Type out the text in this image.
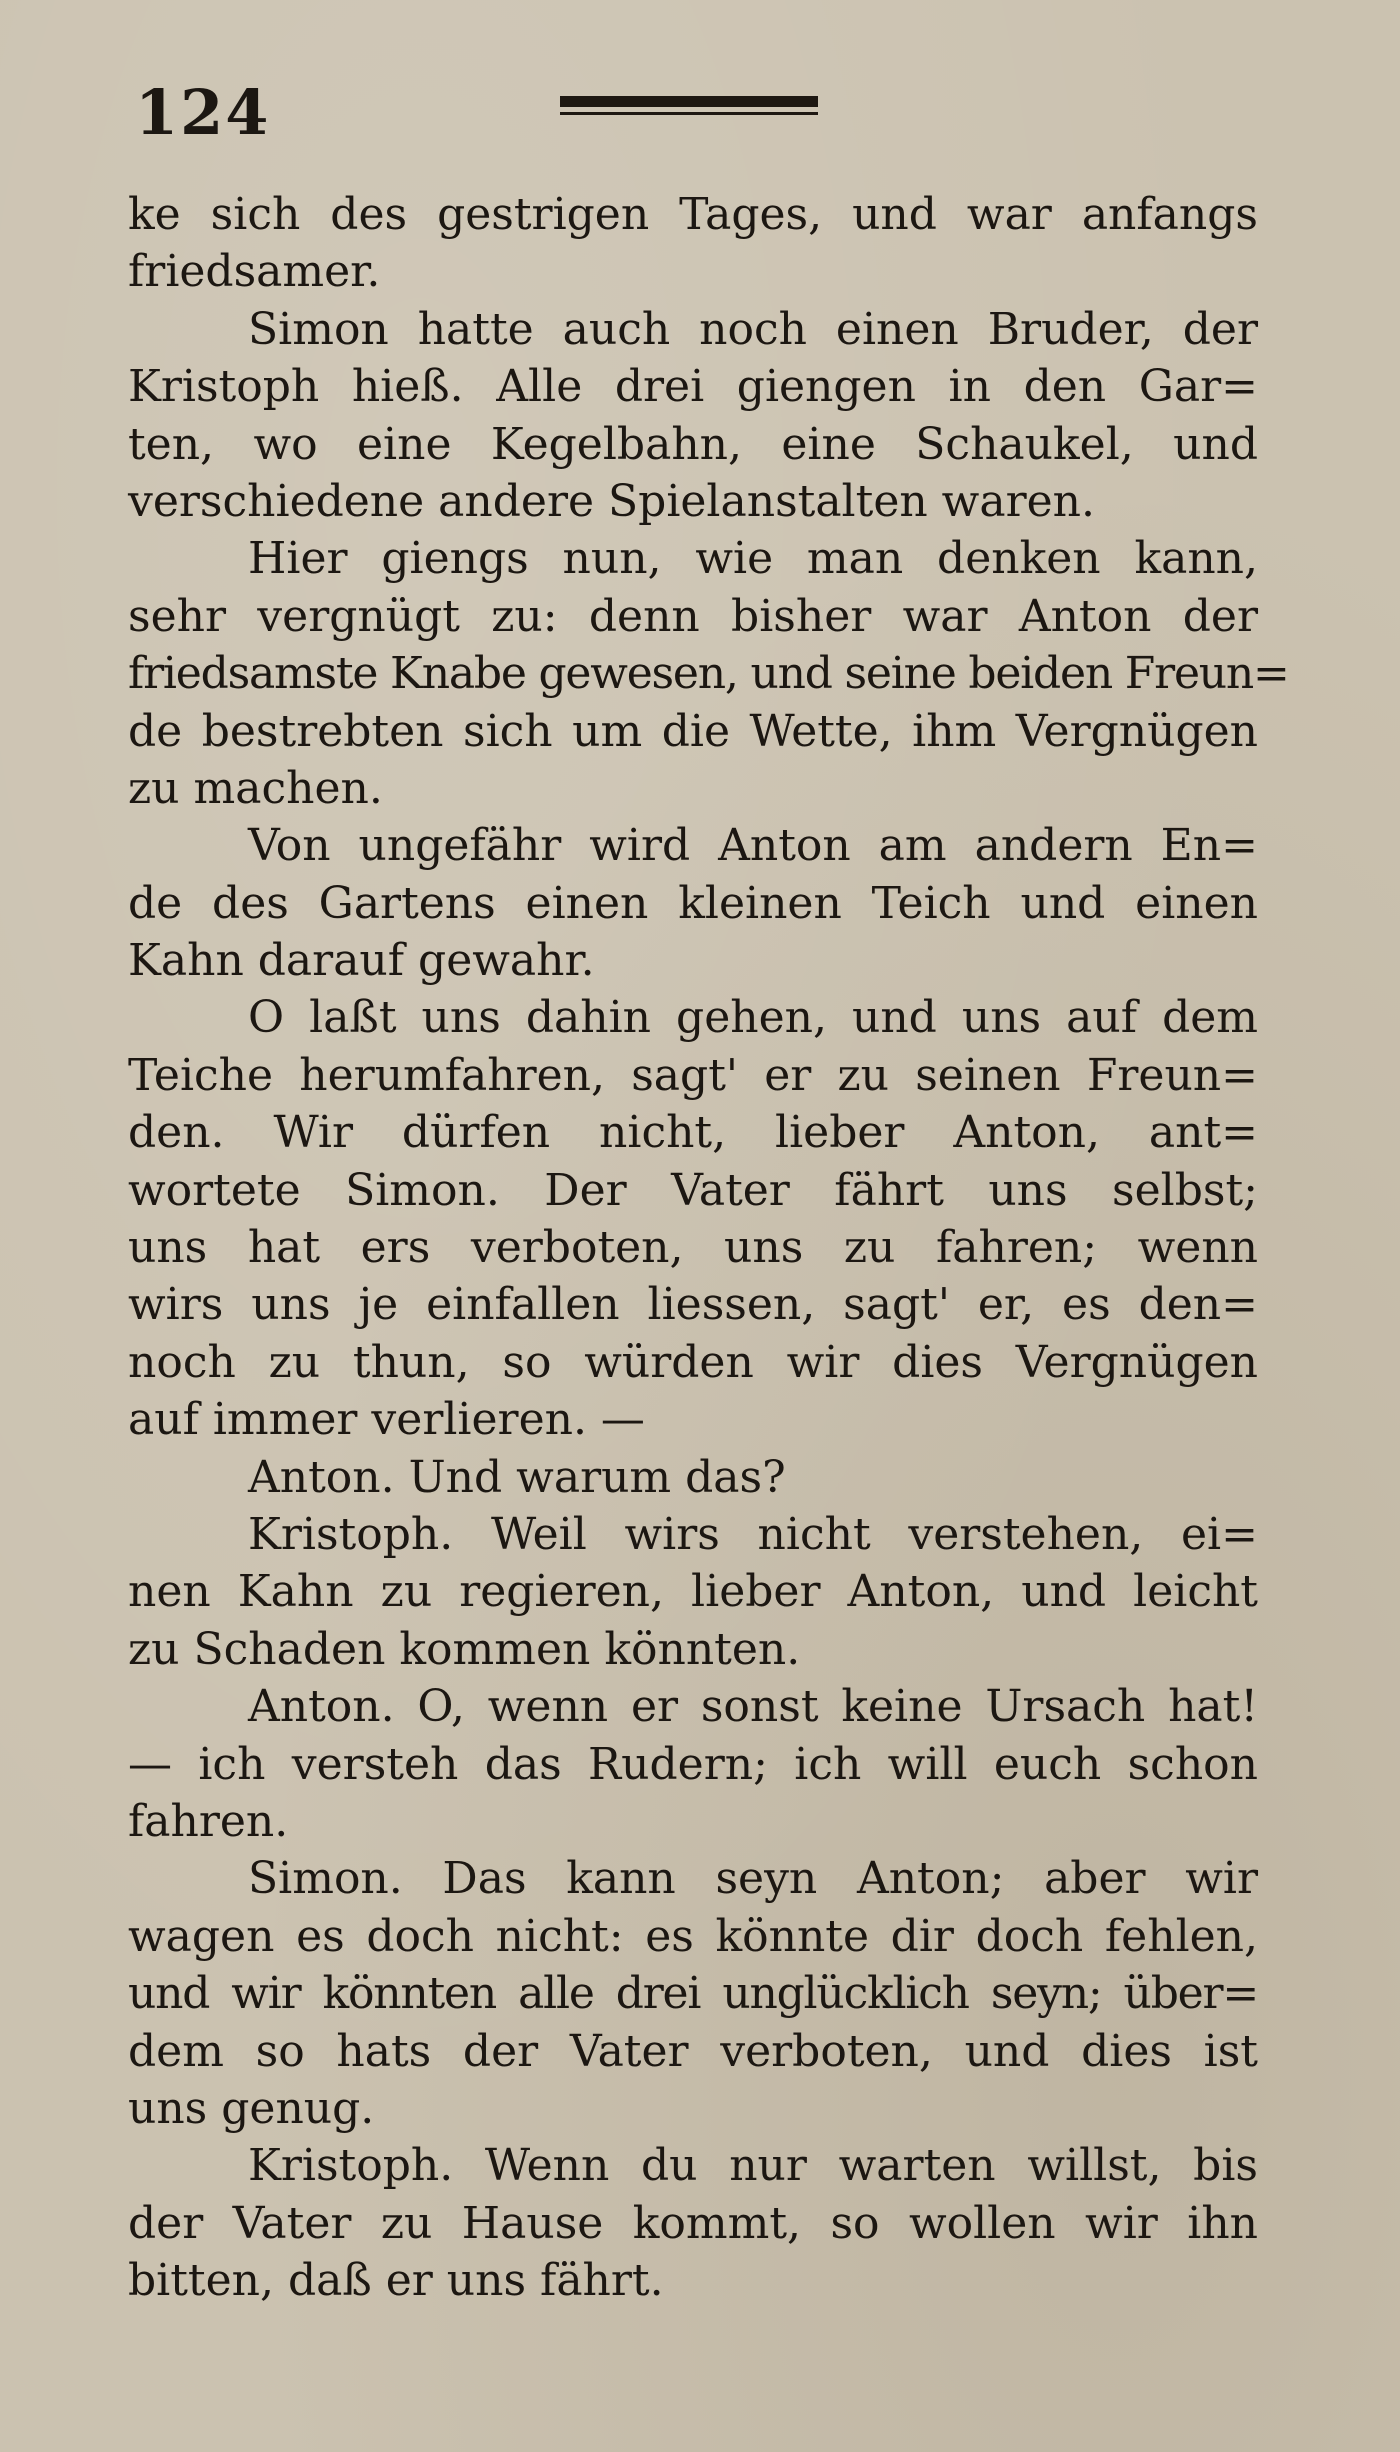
124
ke sich des gestrigen Tages, und war anfangs
friedsamer.
Simon hatte auch noch einen Bruder, der
Kristoph hieß. Alle drei giengen in den Gar=
ten, wo eine Kegelbahn, eine Schaukel, und
verschiedene andere Spielanstalten waren.
Hier giengs nun, wie man denken kann,
sehr vergnügt zu: denn bisher war Anton der
friedsamste Knabe gewesen, und seine beiden Freun=
de bestrebten sich um die Wette, ihm Vergnügen
zu machen.
Von ungefähr wird Anton am andern En=
de des Gartens einen kleinen Teich und einen
Kahn darauf gewahr.
O laßt uns dahin gehen, und uns auf dem
Teiche herumfahren, sagt' er zu seinen Freun=
den. Wir dürfen nicht, lieber Anton, ant=
wortete Simon. Der Vater fährt uns selbst;
uns hat ers verboten, uns zu fahren; wenn
wirs uns je einfallen liessen, sagt' er, es den=
noch zu thun, so würden wir dies Vergnügen
auf immer verlieren. —
Anton. Und warum das?
Kristoph. Weil wirs nicht verstehen, ei=
nen Kahn zu regieren, lieber Anton, und leicht
zu Schaden kommen könnten.
Anton. O, wenn er sonst keine Ursach hat!
— ich versteh das Rudern; ich will euch schon
fahren.
Simon. Das kann seyn Anton; aber wir
wagen es doch nicht: es könnte dir doch fehlen,
und wir könnten alle drei unglücklich seyn; über=
dem so hats der Vater verboten, und dies ist
uns genug.
Kristoph. Wenn du nur warten willst, bis
der Vater zu Hause kommt, so wollen wir ihn
bitten, daß er uns fährt.
